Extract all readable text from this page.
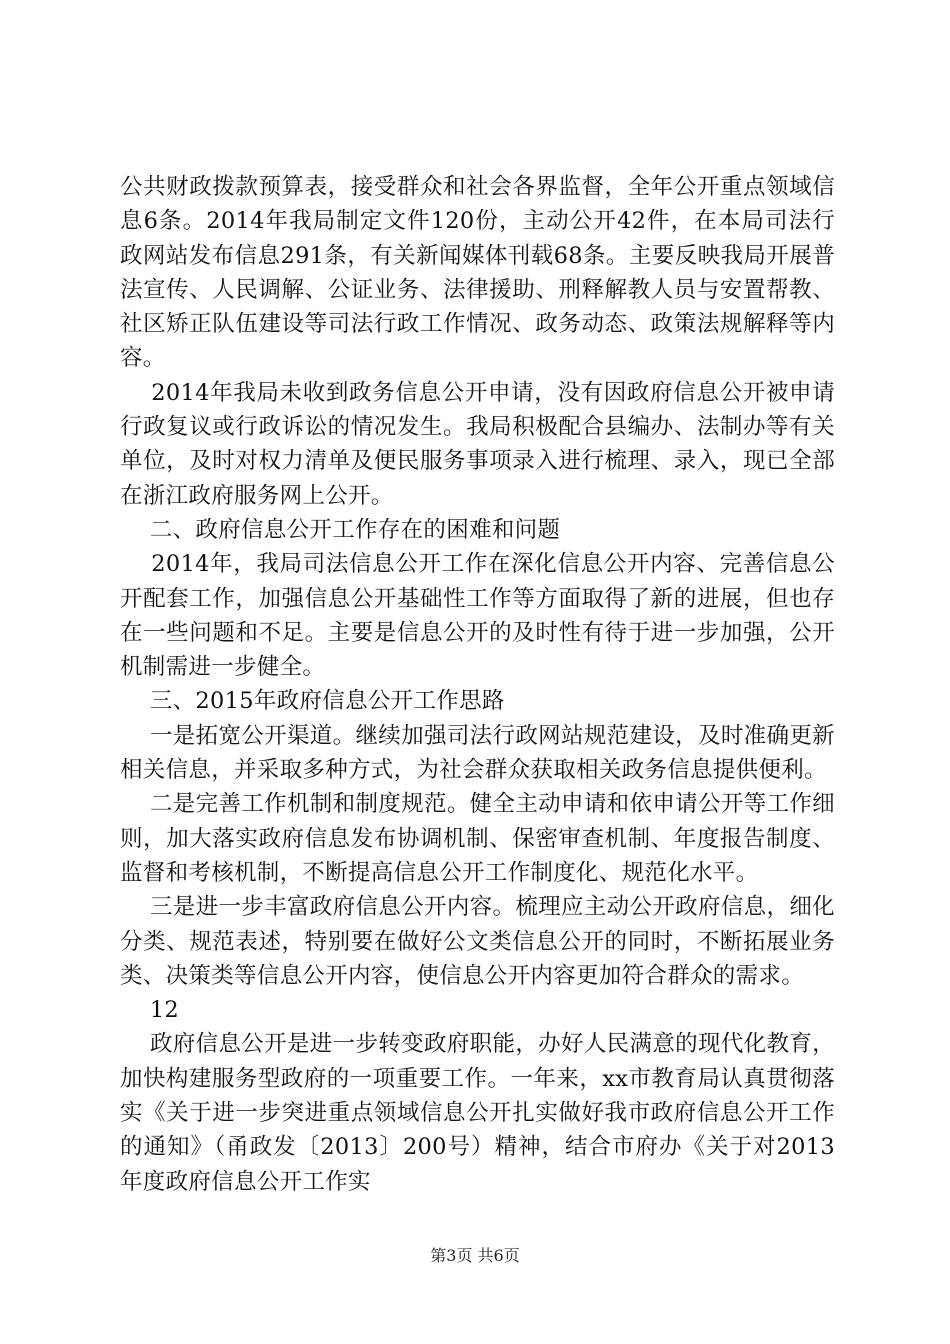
公共财政拨款预算表，接受群众和社会各界监督，全年公开重点领域信息6条。2014年我局制定文件120份，主动公开42件，在本局司法行政网站发布信息291条，有关新闻媒体刊载68条。主要反映我局开展普法宣传、人民调解、公证业务、法律援助、刑释解教人员与安置帮教、社区矫正队伍建设等司法行政工作情况、政务动态、政策法规解释等内容。

2014年我局未收到政务信息公开申请，没有因政府信息公开被申请行政复议或行政诉讼的情况发生。我局积极配合县编办、法制办等有关单位，及时对权力清单及便民服务事项录入进行梳理、录入，现已全部在浙江政府服务网上公开。

二、政府信息公开工作存在的困难和问题

2014年，我局司法信息公开工作在深化信息公开内容、完善信息公开配套工作，加强信息公开基础性工作等方面取得了新的进展，但也存在一些问题和不足。主要是信息公开的及时性有待于进一步加强，公开机制需进一步健全。

三、2015年政府信息公开工作思路

一是拓宽公开渠道。继续加强司法行政网站规范建设，及时准确更新相关信息，并采取多种方式，为社会群众获取相关政务信息提供便利。

二是完善工作机制和制度规范。健全主动申请和依申请公开等工作细则，加大落实政府信息发布协调机制、保密审查机制、年度报告制度、监督和考核机制，不断提高信息公开工作制度化、规范化水平。

三是进一步丰富政府信息公开内容。梳理应主动公开政府信息，细化分类、规范表述，特别要在做好公文类信息公开的同时，不断拓展业务类、决策类等信息公开内容，使信息公开内容更加符合群众的需求。

12

政府信息公开是进一步转变政府职能，办好人民满意的现代化教育，加快构建服务型政府的一项重要工作。一年来，xx市教育局认真贯彻落实《关于进一步突进重点领域信息公开扎实做好我市政府信息公开工作的通知》（甬政发〔2013〕200号）精神，结合市府办《关于对2013年度政府信息公开工作实

第3页 共6页
